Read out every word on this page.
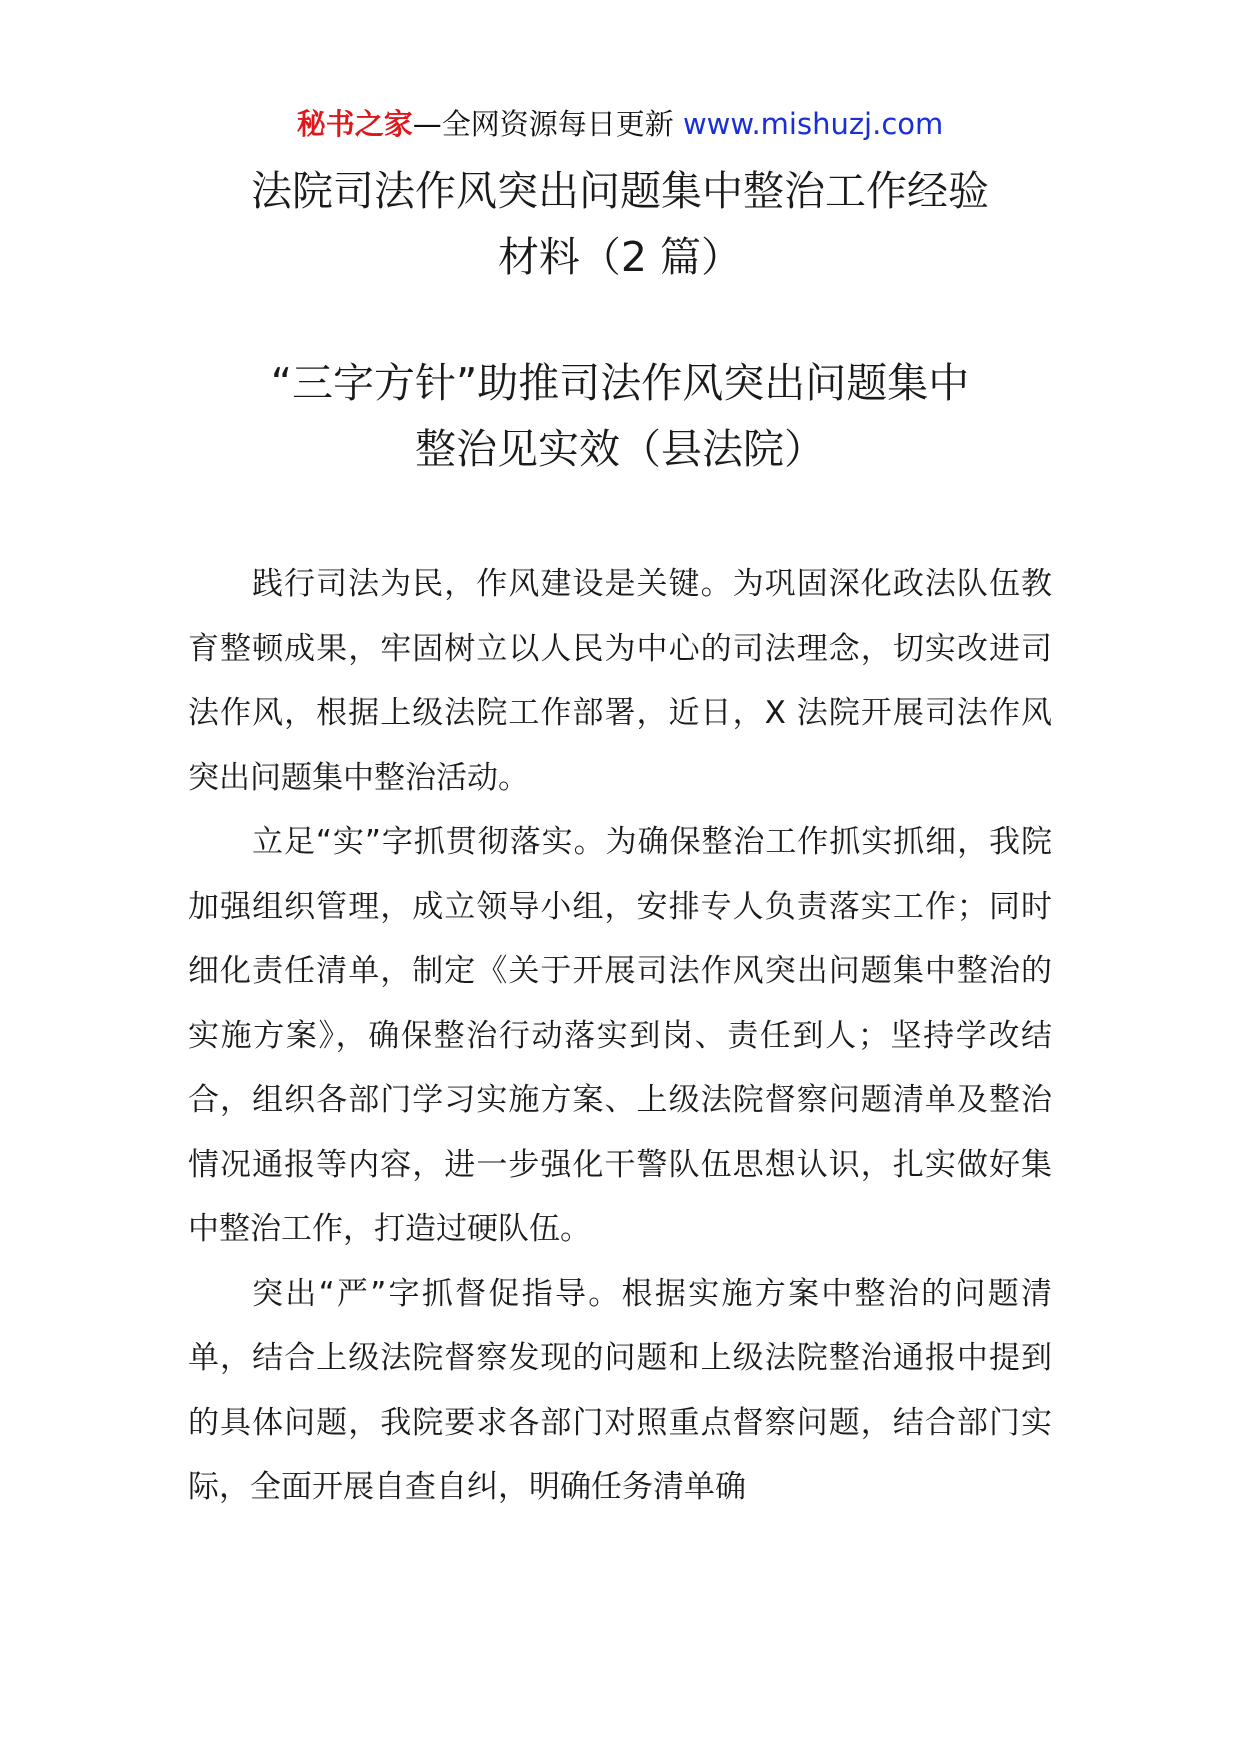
秘书之家—全网资源每日更新 www.mishuzj.com
法院司法作风突出问题集中整治工作经验
材料（2 篇）
“三字方针”助推司法作风突出问题集中
整治见实效（县法院）

践行司法为民，作风建设是关键。为巩固深化政法队伍教育整顿成果，牢固树立以人民为中心的司法理念，切实改进司法作风，根据上级法院工作部署，近日，X 法院开展司法作风突出问题集中整治活动。

立足“实”字抓贯彻落实。为确保整治工作抓实抓细，我院加强组织管理，成立领导小组，安排专人负责落实工作；同时细化责任清单，制定《关于开展司法作风突出问题集中整治的实施方案》，确保整治行动落实到岗、责任到人；坚持学改结合，组织各部门学习实施方案、上级法院督察问题清单及整治情况通报等内容，进一步强化干警队伍思想认识，扎实做好集中整治工作，打造过硬队伍。

突出“严”字抓督促指导。根据实施方案中整治的问题清单，结合上级法院督察发现的问题和上级法院整治通报中提到的具体问题，我院要求各部门对照重点督察问题，结合部门实际，全面开展自查自纠，明确任务清单确
